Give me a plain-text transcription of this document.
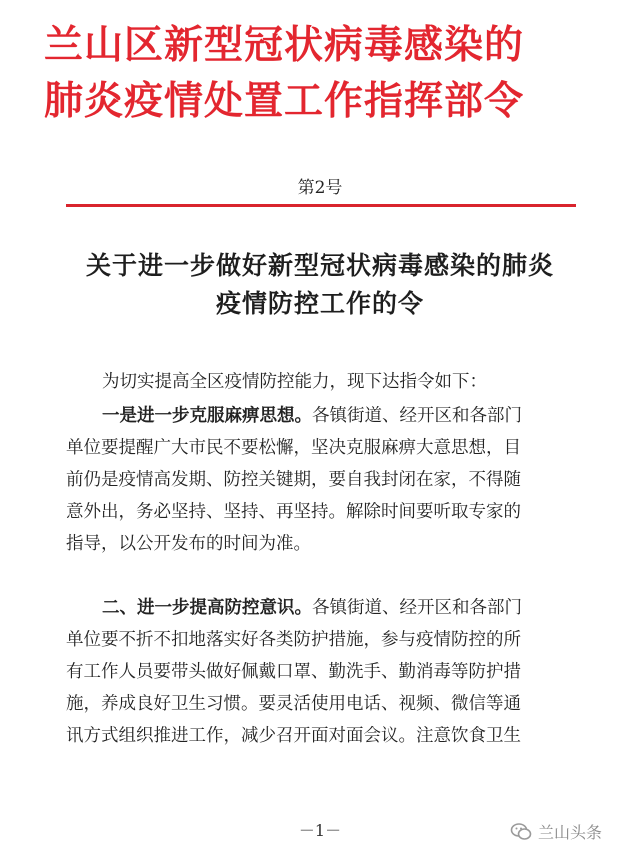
兰山区新型冠状病毒感染的
肺炎疫情处置工作指挥部令
第2号
关于进一步做好新型冠状病毒感染的肺炎
疫情防控工作的令
为切实提高全区疫情防控能力，现下达指令如下：
一是进一步克服麻痹思想。各镇街道、经开区和各部门
单位要提醒广大市民不要松懈，坚决克服麻痹大意思想，目
前仍是疫情高发期、防控关键期，要自我封闭在家，不得随
意外出，务必坚持、坚持、再坚持。解除时间要听取专家的
指导，以公开发布的时间为准。
二、进一步提高防控意识。各镇街道、经开区和各部门
单位要不折不扣地落实好各类防护措施，参与疫情防控的所
有工作人员要带头做好佩戴口罩、勤洗手、勤消毒等防护措
施，养成良好卫生习惯。要灵活使用电话、视频、微信等通
讯方式组织推进工作，减少召开面对面会议。注意饮食卫生
－1－	兰山头条
